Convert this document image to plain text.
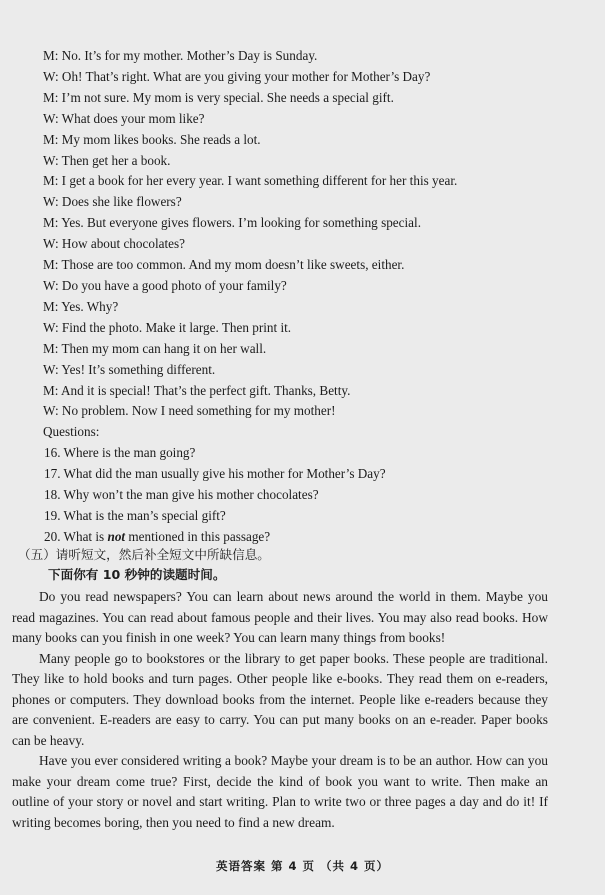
M: No. It’s for my mother. Mother’s Day is Sunday.
W: Oh! That’s right. What are you giving your mother for Mother’s Day?
M: I’m not sure. My mom is very special. She needs a special gift.
W: What does your mom like?
M: My mom likes books. She reads a lot.
W: Then get her a book.
M: I get a book for her every year. I want something different for her this year.
W: Does she like flowers?
M: Yes. But everyone gives flowers. I’m looking for something special.
W: How about chocolates?
M: Those are too common. And my mom doesn’t like sweets, either.
W: Do you have a good photo of your family?
M: Yes. Why?
W: Find the photo. Make it large. Then print it.
M: Then my mom can hang it on her wall.
W: Yes! It’s something different.
M: And it is special! That’s the perfect gift. Thanks, Betty.
W: No problem. Now I need something for my mother!
Questions:
16. Where is the man going?
17. What did the man usually give his mother for Mother’s Day?
18. Why won’t the man give his mother chocolates?
19. What is the man’s special gift?
20. What is not mentioned in this passage?
（五）请听短文，然后补全短文中所缺信息。
下面你有 10 秒钟的读题时间。

Do you read newspapers? You can learn about news around the world in them. Maybe you read magazines. You can read about famous people and their lives. You may also read books. How many books can you finish in one week? You can learn many things from books!

Many people go to bookstores or the library to get paper books. These people are traditional. They like to hold books and turn pages. Other people like e-books. They read them on e-readers, phones or computers. They download books from the internet. People like e-readers because they are convenient. E-readers are easy to carry. You can put many books on an e-reader. Paper books can be heavy.

Have you ever considered writing a book? Maybe your dream is to be an author. How can you make your dream come true? First, decide the kind of book you want to write. Then make an outline of your story or novel and start writing. Plan to write two or three pages a day and do it! If writing becomes boring, then you need to find a new dream.

英语答案 第 4 页 （共 4 页）
